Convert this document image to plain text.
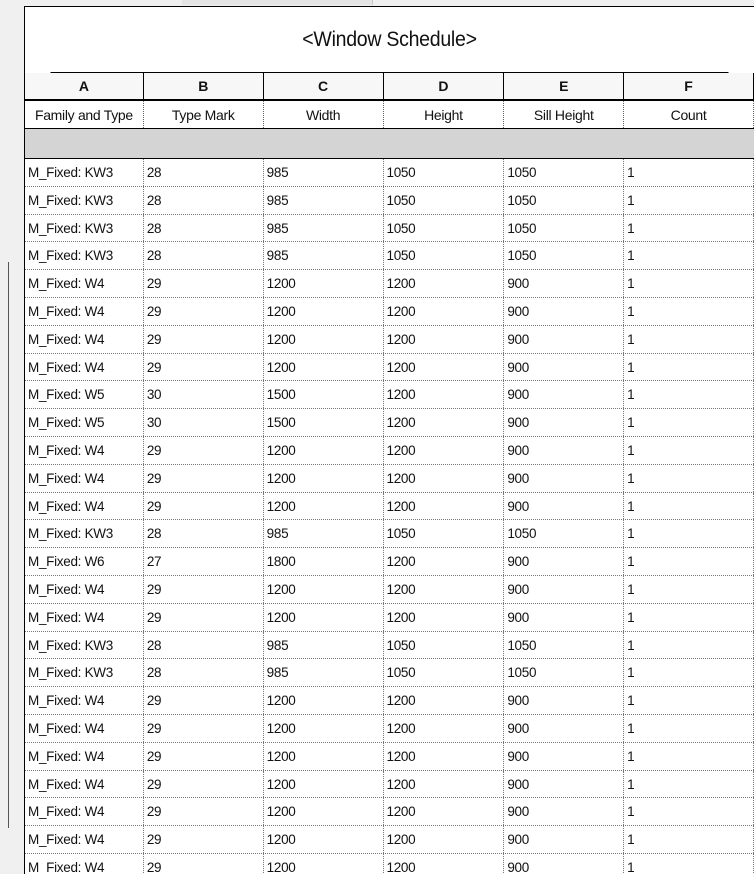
<Window Schedule>
A	B	C	D	E	F
Family and Type	Type Mark	Width	Height	Sill Height	Count
M_Fixed: KW3	28	985	1050	1050	1
M_Fixed: KW3	28	985	1050	1050	1
M_Fixed: KW3	28	985	1050	1050	1
M_Fixed: KW3	28	985	1050	1050	1
M_Fixed: W4	29	1200	1200	900	1
M_Fixed: W4	29	1200	1200	900	1
M_Fixed: W4	29	1200	1200	900	1
M_Fixed: W4	29	1200	1200	900	1
M_Fixed: W5	30	1500	1200	900	1
M_Fixed: W5	30	1500	1200	900	1
M_Fixed: W4	29	1200	1200	900	1
M_Fixed: W4	29	1200	1200	900	1
M_Fixed: W4	29	1200	1200	900	1
M_Fixed: KW3	28	985	1050	1050	1
M_Fixed: W6	27	1800	1200	900	1
M_Fixed: W4	29	1200	1200	900	1
M_Fixed: W4	29	1200	1200	900	1
M_Fixed: KW3	28	985	1050	1050	1
M_Fixed: KW3	28	985	1050	1050	1
M_Fixed: W4	29	1200	1200	900	1
M_Fixed: W4	29	1200	1200	900	1
M_Fixed: W4	29	1200	1200	900	1
M_Fixed: W4	29	1200	1200	900	1
M_Fixed: W4	29	1200	1200	900	1
M_Fixed: W4	29	1200	1200	900	1
M_Fixed: W4	29	1200	1200	900	1
